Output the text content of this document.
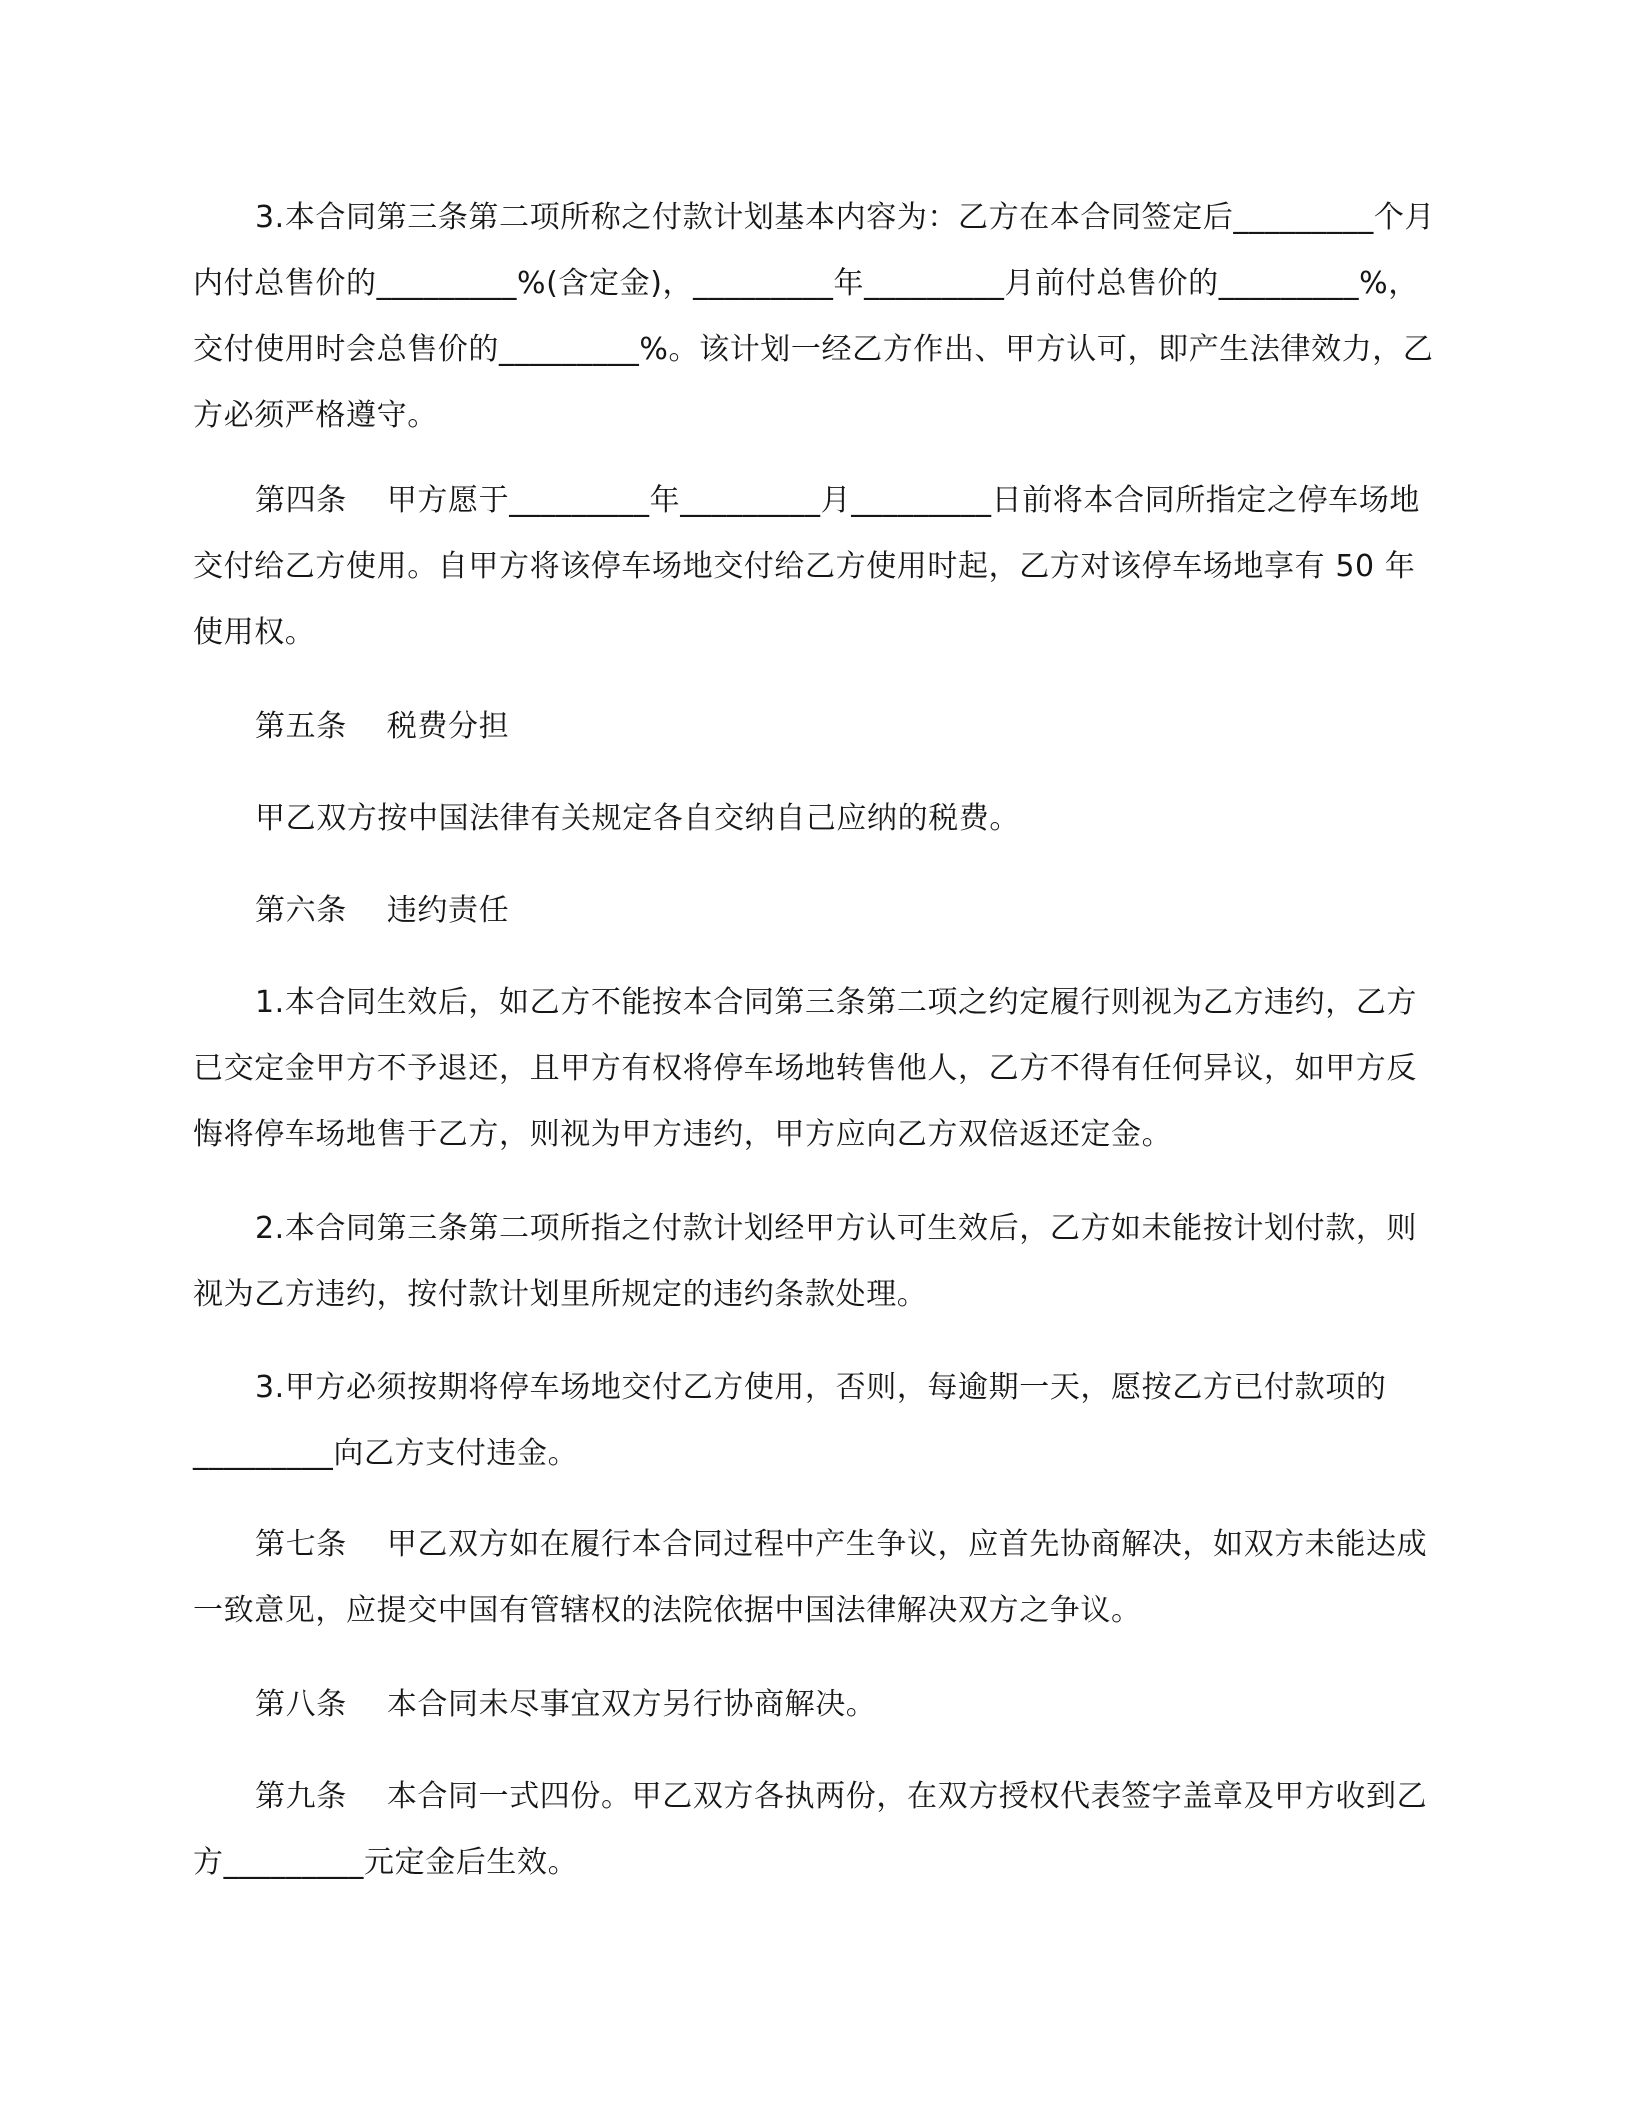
3.本合同第三条第二项所称之付款计划基本内容为：乙方在本合同签定后_________个月内付总售价的_________%(含定金)，_________年_________月前付总售价的_________%，交付使用时会总售价的_________%。该计划一经乙方作出、甲方认可，即产生法律效力，乙方必须严格遵守。

第四条 甲方愿于_________年_________月_________日前将本合同所指定之停车场地交付给乙方使用。自甲方将该停车场地交付给乙方使用时起，乙方对该停车场地享有 50 年使用权。

第五条 税费分担

甲乙双方按中国法律有关规定各自交纳自己应纳的税费。

第六条 违约责任

1.本合同生效后，如乙方不能按本合同第三条第二项之约定履行则视为乙方违约，乙方已交定金甲方不予退还，且甲方有权将停车场地转售他人，乙方不得有任何异议，如甲方反悔将停车场地售于乙方，则视为甲方违约，甲方应向乙方双倍返还定金。

2.本合同第三条第二项所指之付款计划经甲方认可生效后，乙方如未能按计划付款，则视为乙方违约，按付款计划里所规定的违约条款处理。

3.甲方必须按期将停车场地交付乙方使用，否则，每逾期一天，愿按乙方已付款项的_________向乙方支付违金。

第七条 甲乙双方如在履行本合同过程中产生争议，应首先协商解决，如双方未能达成一致意见，应提交中国有管辖权的法院依据中国法律解决双方之争议。

第八条 本合同未尽事宜双方另行协商解决。

第九条 本合同一式四份。甲乙双方各执两份，在双方授权代表签字盖章及甲方收到乙方_________元定金后生效。
